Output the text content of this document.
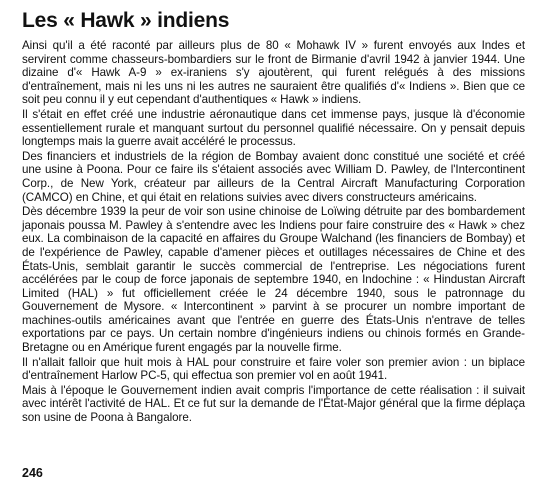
Les « Hawk » indiens

Ainsi qu'il a été raconté par ailleurs plus de 80 « Mohawk IV » furent envoyés aux Indes et servirent comme chasseurs-bombardiers sur le front de Birmanie d'avril 1942 à janvier 1944. Une dizaine d'« Hawk A-9 » ex-iraniens s'y ajoutèrent, qui furent relégués à des missions d'entraînement, mais ni les uns ni les autres ne sauraient être qualifiés d'« Indiens ». Bien que ce soit peu connu il y eut cependant d'authentiques « Hawk » indiens.

Il s'était en effet créé une industrie aéronautique dans cet immense pays, jusque là d'économie essentiellement rurale et manquant surtout du personnel qualifié nécessaire. On y pensait depuis longtemps mais la guerre avait accéléré le processus.

Des financiers et industriels de la région de Bombay avaient donc constitué une société et créé une usine à Poona. Pour ce faire ils s'étaient associés avec William D. Pawley, de l'Intercontinent Corp., de New York, créateur par ailleurs de la Central Aircraft Manufacturing Corporation (CAMCO) en Chine, et qui était en relations suivies avec divers constructeurs américains.

Dès décembre 1939 la peur de voir son usine chinoise de Loïwing détruite par des bombardement japonais poussa M. Pawley à s'entendre avec les Indiens pour faire construire des « Hawk » chez eux. La combinaison de la capacité en affaires du Groupe Walchand (les financiers de Bombay) et de l'expérience de Pawley, capable d'amener pièces et outillages nécessaires de Chine et des États-Unis, semblait garantir le succès commercial de l'entreprise. Les négociations furent accélérées par le coup de force japonais de septembre 1940, en Indochine : « Hindustan Aircraft Limited (HAL) » fut officiellement créée le 24 décembre 1940, sous le patronnage du Gouvernement de Mysore. « Intercontinent » parvint à se procurer un nombre important de machines-outils américaines avant que l'entrée en guerre des États-Unis n'entrave de telles exportations par ce pays. Un certain nombre d'ingénieurs indiens ou chinois formés en Grande-Bretagne ou en Amérique furent engagés par la nouvelle firme.

Il n'allait falloir que huit mois à HAL pour construire et faire voler son premier avion : un biplace d'entraînement Harlow PC-5, qui effectua son premier vol en août 1941.

Mais à l'époque le Gouvernement indien avait compris l'importance de cette réalisation : il suivait avec intérêt l'activité de HAL. Et ce fut sur la demande de l'État-Major général que la firme déplaça son usine de Poona à Bangalore.

246
